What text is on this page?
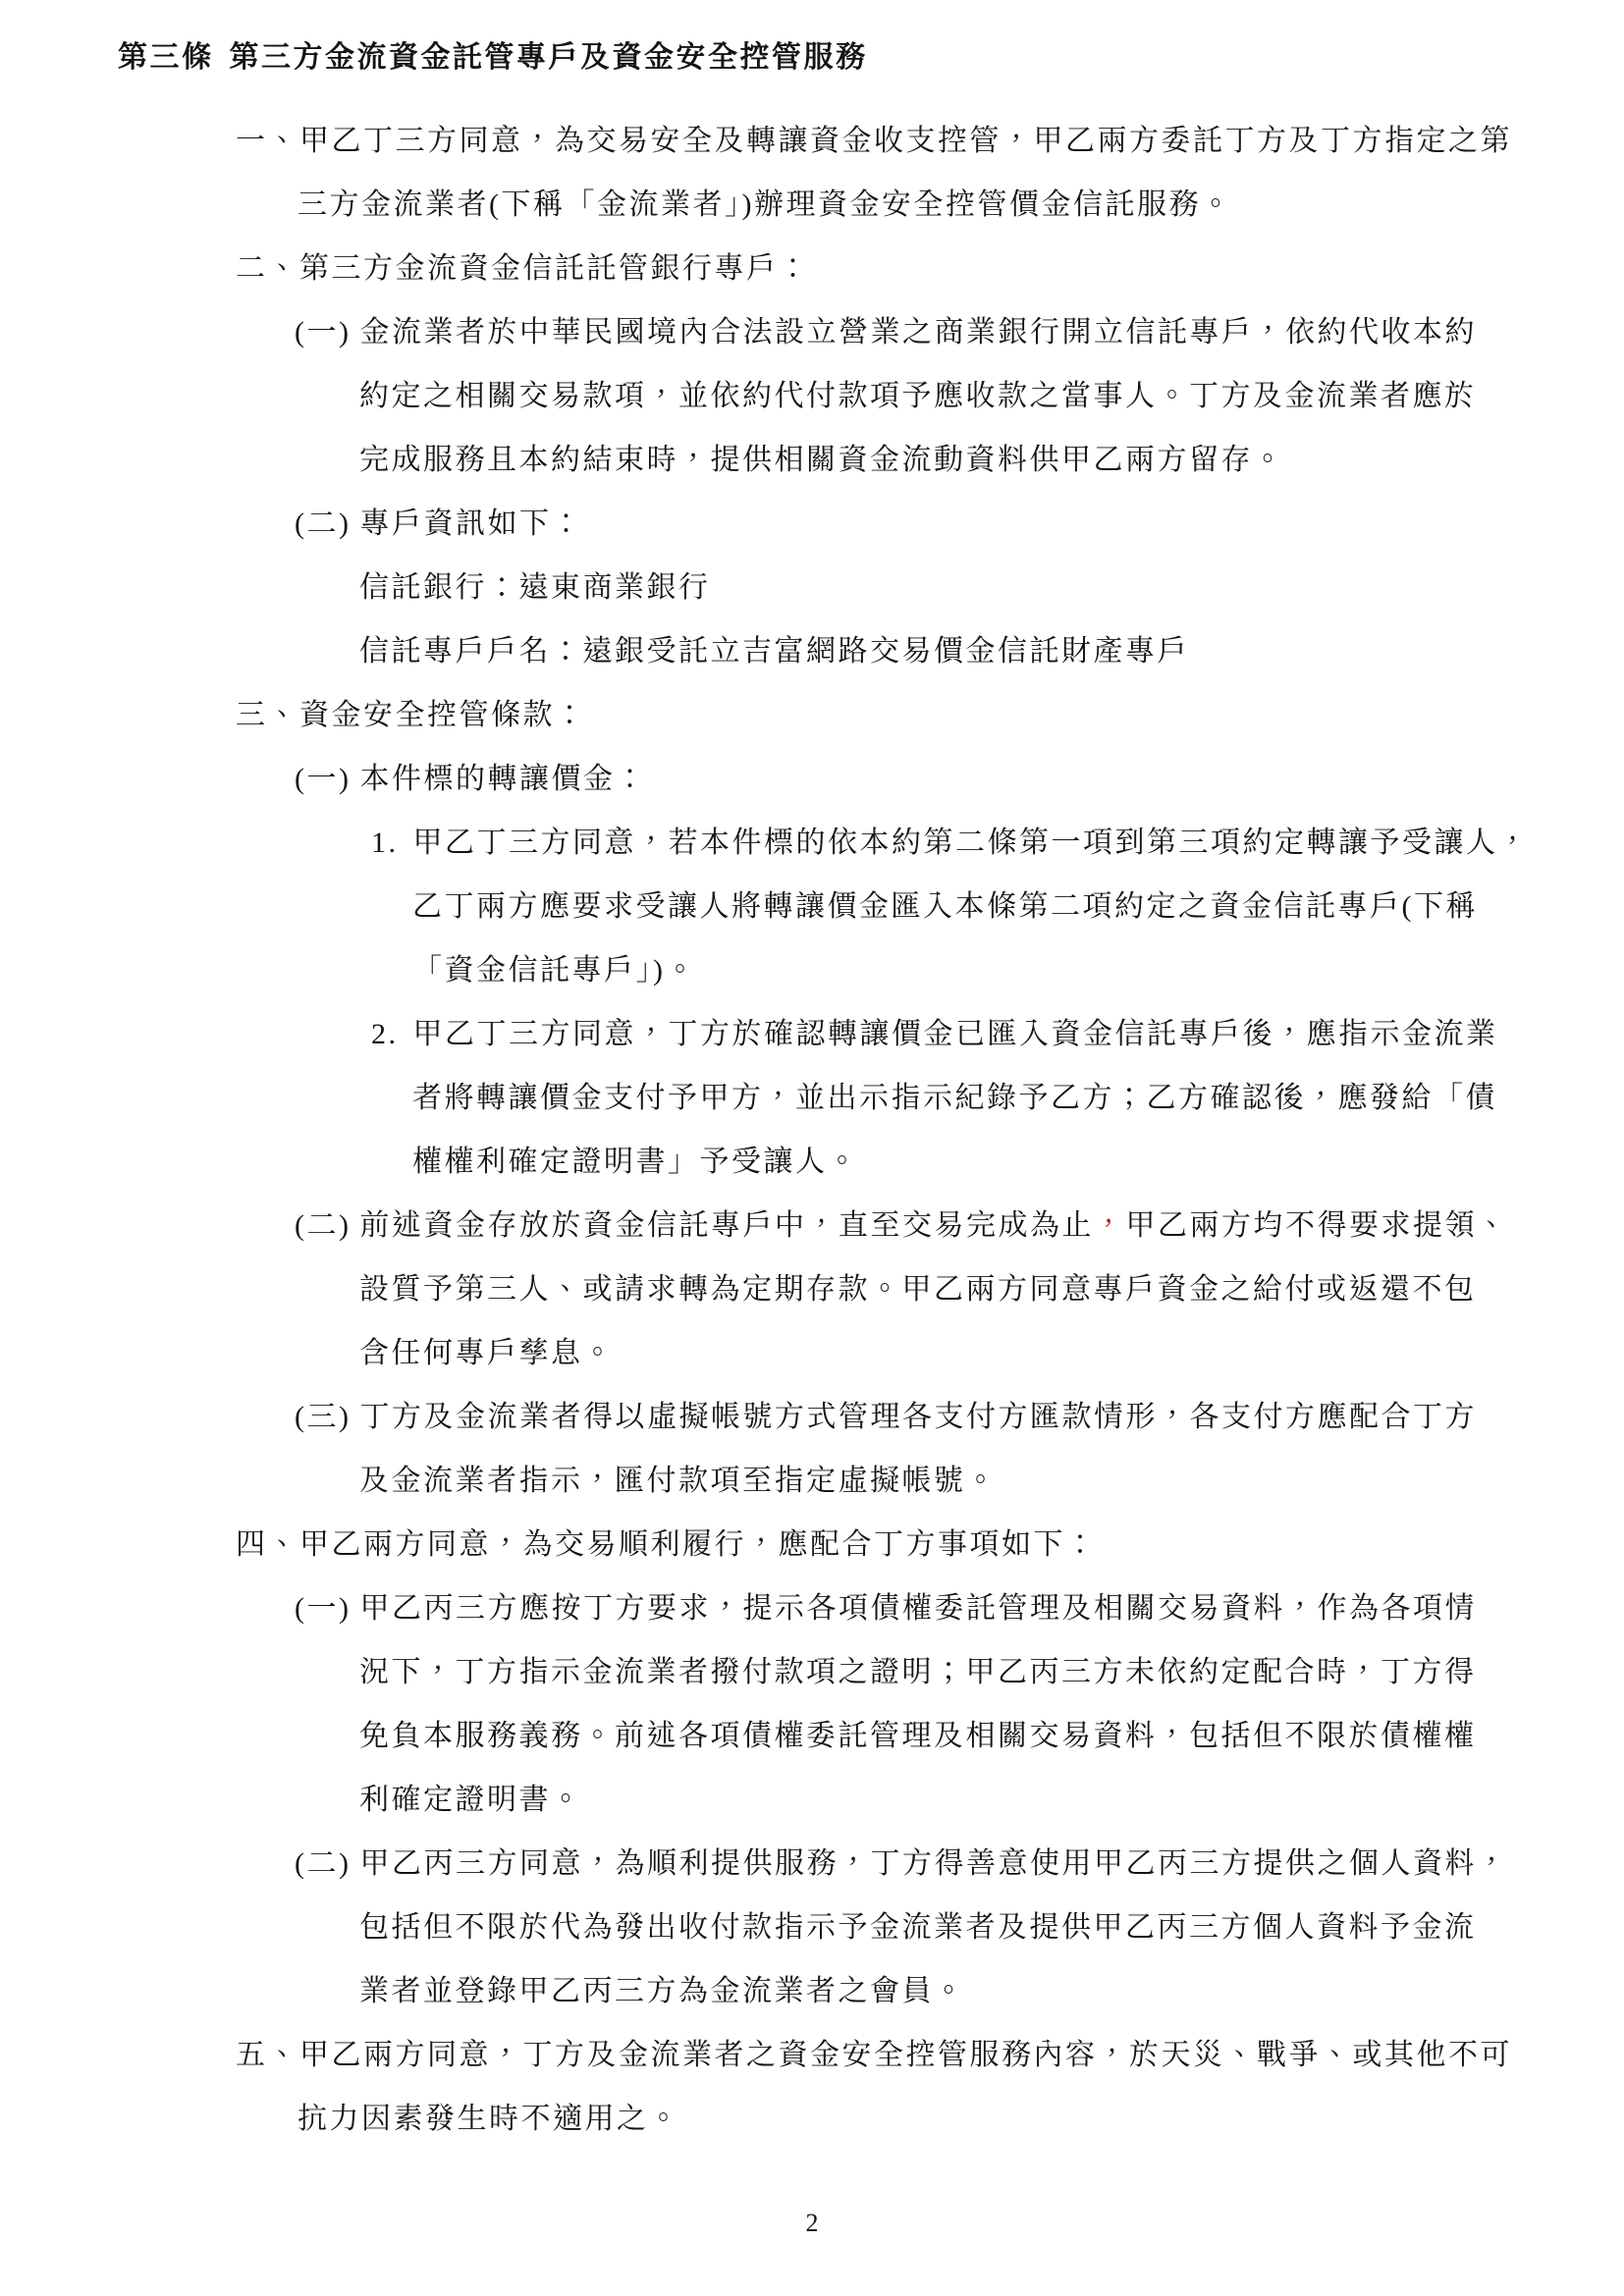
第三條 第三方金流資金託管專戶及資金安全控管服務
一、甲乙丁三方同意，為交易安全及轉讓資金收支控管，甲乙兩方委託丁方及丁方指定之第
三方金流業者(下稱「金流業者」)辦理資金安全控管價金信託服務。
二、第三方金流資金信託託管銀行專戶：
(一) 金流業者於中華民國境內合法設立營業之商業銀行開立信託專戶，依約代收本約
約定之相關交易款項，並依約代付款項予應收款之當事人。丁方及金流業者應於
完成服務且本約結束時，提供相關資金流動資料供甲乙兩方留存。
(二) 專戶資訊如下：
信託銀行：遠東商業銀行
信託專戶戶名：遠銀受託立吉富網路交易價金信託財產專戶
三、資金安全控管條款：
(一) 本件標的轉讓價金：
1. 甲乙丁三方同意，若本件標的依本約第二條第一項到第三項約定轉讓予受讓人，
乙丁兩方應要求受讓人將轉讓價金匯入本條第二項約定之資金信託專戶(下稱
「資金信託專戶」)。
2. 甲乙丁三方同意，丁方於確認轉讓價金已匯入資金信託專戶後，應指示金流業
者將轉讓價金支付予甲方，並出示指示紀錄予乙方；乙方確認後，應發給「債
權權利確定證明書」予受讓人。
(二) 前述資金存放於資金信託專戶中，直至交易完成為止，甲乙兩方均不得要求提領、
設質予第三人、或請求轉為定期存款。甲乙兩方同意專戶資金之給付或返還不包
含任何專戶孳息。
(三) 丁方及金流業者得以虛擬帳號方式管理各支付方匯款情形，各支付方應配合丁方
及金流業者指示，匯付款項至指定虛擬帳號。
四、甲乙兩方同意，為交易順利履行，應配合丁方事項如下：
(一) 甲乙丙三方應按丁方要求，提示各項債權委託管理及相關交易資料，作為各項情
況下，丁方指示金流業者撥付款項之證明；甲乙丙三方未依約定配合時，丁方得
免負本服務義務。前述各項債權委託管理及相關交易資料，包括但不限於債權權
利確定證明書。
(二) 甲乙丙三方同意，為順利提供服務，丁方得善意使用甲乙丙三方提供之個人資料，
包括但不限於代為發出收付款指示予金流業者及提供甲乙丙三方個人資料予金流
業者並登錄甲乙丙三方為金流業者之會員。
五、甲乙兩方同意，丁方及金流業者之資金安全控管服務內容，於天災、戰爭、或其他不可
抗力因素發生時不適用之。
2
